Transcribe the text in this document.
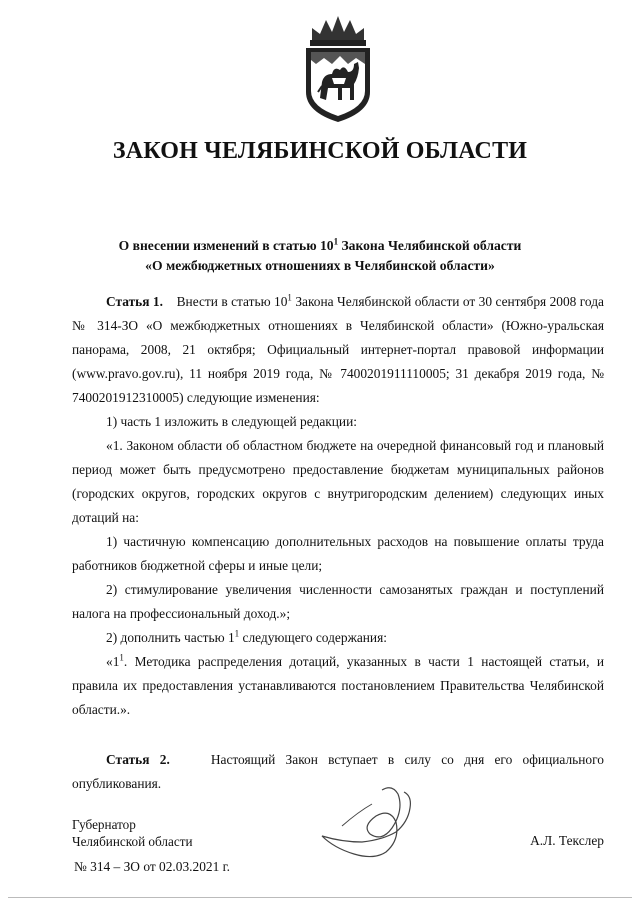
ЗАКОН ЧЕЛЯБИНСКОЙ ОБЛАСТИ
О внесении изменений в статью $10^1$ Закона Челябинской области
«О межбюджетных отношениях в Челябинской области»

Статья 1. Внести в статью $10^1$ Закона Челябинской области от 30 сентября 2008 года № 314-ЗО «О межбюджетных отношениях в Челябинской области» (Южно-уральская панорама, 2008, 21 октября; Официальный интернет-портал правовой информации (www.pravo.gov.ru), 11 ноября 2019 года, № 7400201911110005; 31 декабря 2019 года, № 7400201912310005) следующие изменения:

1) часть 1 изложить в следующей редакции:

«1. Законом области об областном бюджете на очередной финансовый год и плановый период может быть предусмотрено предоставление бюджетам муниципальных районов (городских округов, городских округов с внутригородским делением) следующих иных дотаций на:

1) частичную компенсацию дополнительных расходов на повышение оплаты труда работников бюджетной сферы и иные цели;

2) стимулирование увеличения численности самозанятых граждан и поступлений налога на профессиональный доход.»;

2) дополнить частью $1^1$ следующего содержания:

«$1^1$. Методика распределения дотаций, указанных в части 1 настоящей статьи, и правила их предоставления устанавливаются постановлением Правительства Челябинской области.».

Статья 2.	Настоящий Закон вступает в силу со дня его официального опубликования.

Губернатор
Челябинской области	А.Л. Текслер
№ 314 – ЗО от 02.03.2021 г.
